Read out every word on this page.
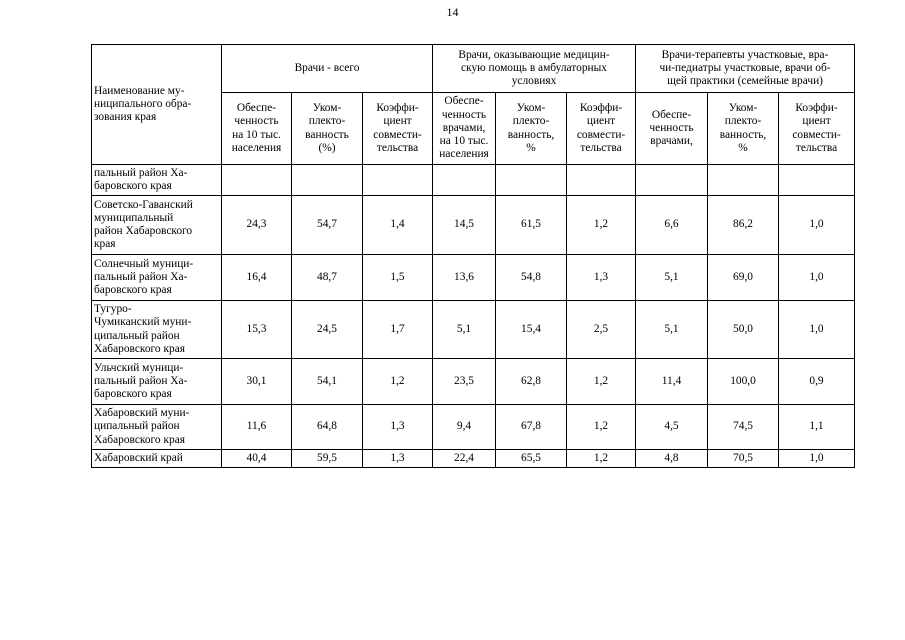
14
Наименование му-
ниципального обра-
зования края	Врачи - всего			Врачи, оказывающие медицин-
скую помощь в амбулаторных
условиях			Врачи-терапевты участковые, вра-
чи-педиатры участковые, врачи об-
щей практики (семейные врачи)		
	Обеспе-
ченность
на 10 тыс.
населения	Уком-
плекто-
ванность
(%)	Коэффи-
циент
совмести-
тельства	Обеспе-
ченность
врачами,
на 10 тыс.
населения	Уком-
плекто-
ванность,
%	Коэффи-
циент
совмести-
тельства	Обеспе-
ченность
врачами,	Уком-
плекто-
ванность,
%	Коэффи-
циент
совмести-
тельства
пальный район Ха-
баровского края									
Советско-Гаванский
муниципальный
район Хабаровского
края	24,3	54,7	1,4	14,5	61,5	1,2	6,6	86,2	1,0
Солнечный муници-
пальный район Ха-
баровского края	16,4	48,7	1,5	13,6	54,8	1,3	5,1	69,0	1,0
Тугуро-
Чумиканский муни-
ципальный район
Хабаровского края	15,3	24,5	1,7	5,1	15,4	2,5	5,1	50,0	1,0
Ульчский муници-
пальный район Ха-
баровского края	30,1	54,1	1,2	23,5	62,8	1,2	11,4	100,0	0,9
Хабаровский муни-
ципальный район
Хабаровского края	11,6	64,8	1,3	9,4	67,8	1,2	4,5	74,5	1,1
Хабаровский край	40,4	59,5	1,3	22,4	65,5	1,2	4,8	70,5	1,0
